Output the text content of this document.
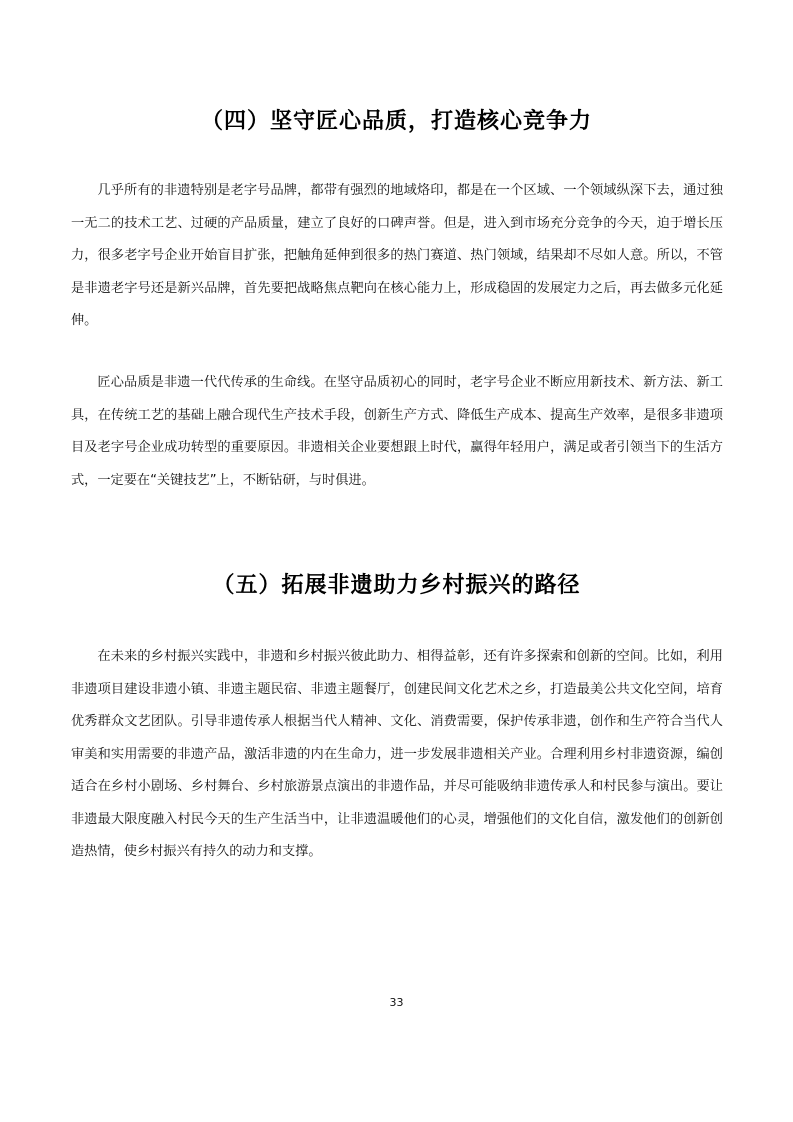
（四）坚守匠心品质，打造核心竞争力

几乎所有的非遗特别是老字号品牌，都带有强烈的地域烙印，都是在一个区域、一个领域纵深下去，通过独一无二的技术工艺、过硬的产品质量，建立了良好的口碑声誉。但是，进入到市场充分竞争的今天，迫于增长压力，很多老字号企业开始盲目扩张，把触角延伸到很多的热门赛道、热门领域，结果却不尽如人意。所以，不管是非遗老字号还是新兴品牌，首先要把战略焦点靶向在核心能力上，形成稳固的发展定力之后，再去做多元化延伸。

匠心品质是非遗一代代传承的生命线。在坚守品质初心的同时，老字号企业不断应用新技术、新方法、新工具，在传统工艺的基础上融合现代生产技术手段，创新生产方式、降低生产成本、提高生产效率，是很多非遗项目及老字号企业成功转型的重要原因。非遗相关企业要想跟上时代，赢得年轻用户，满足或者引领当下的生活方式，一定要在“关键技艺”上，不断钻研，与时俱进。

（五）拓展非遗助力乡村振兴的路径

在未来的乡村振兴实践中，非遗和乡村振兴彼此助力、相得益彰，还有许多探索和创新的空间。比如，利用非遗项目建设非遗小镇、非遗主题民宿、非遗主题餐厅，创建民间文化艺术之乡，打造最美公共文化空间，培育优秀群众文艺团队。引导非遗传承人根据当代人精神、文化、消费需要，保护传承非遗，创作和生产符合当代人审美和实用需要的非遗产品，激活非遗的内在生命力，进一步发展非遗相关产业。合理利用乡村非遗资源，编创适合在乡村小剧场、乡村舞台、乡村旅游景点演出的非遗作品，并尽可能吸纳非遗传承人和村民参与演出。要让非遗最大限度融入村民今天的生产生活当中，让非遗温暖他们的心灵，增强他们的文化自信，激发他们的创新创造热情，使乡村振兴有持久的动力和支撑。

33
